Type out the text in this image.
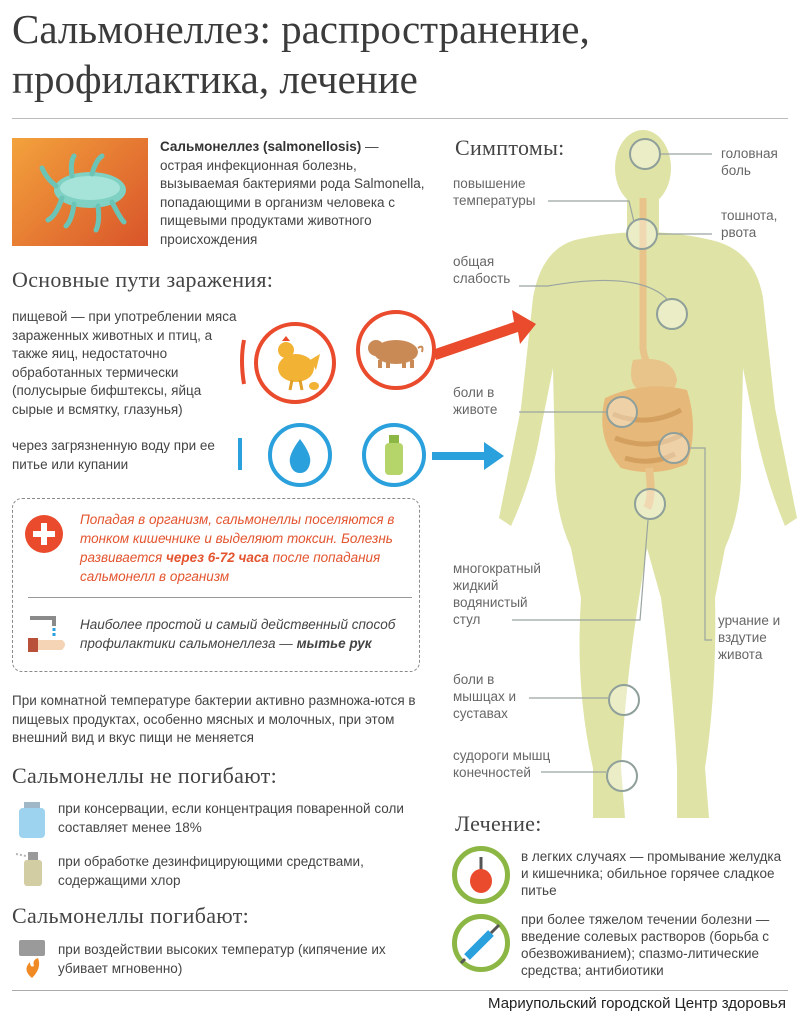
Сальмонеллез: распространение, профилактика, лечение
Симптомы:	головная боль
повышение температуры
тошнота, рвота
общая слабость
боли в животе
многократный жидкий водянистый стул	урчание и вздутие живота
боли в мышцах и суставах
судороги мышц конечностей
Сальмонеллез (salmonellosis) — острая инфекционная болезнь, вызываемая бактериями рода Salmonella, попадающими в организм человека с пищевыми продуктами животного происхождения
Основные пути заражения:
пищевой — при употреблении мяса зараженных животных и птиц, а также яиц, недостаточно обработанных термически (полусырые бифштексы, яйца сырые и всмятку, глазунья)
через загрязненную воду при ее питье или купании
Попадая в организм, сальмонеллы поселяются в тонком кишечнике и выделяют токсин. Болезнь развивается через 6-72 часа после попадания сальмонелл в организм
Наиболее простой и самый действенный способ профилактики сальмонеллеза — мытье рук
При комнатной температуре бактерии активно размножа-ются в пищевых продуктах, особенно мясных и молочных, при этом внешний вид и вкус пищи не меняется
Сальмонеллы не погибают:
при консервации, если концентрация поваренной соли составляет менее 18%
при обработке дезинфицирующими средствами, содержащими хлор
Сальмонеллы погибают:
при воздействии высоких температур (кипячение их убивает мгновенно)
Лечение:
в легких случаях — промывание желудка и кишечника; обильное горячее сладкое питье
при более тяжелом течении болезни — введение солевых растворов (борьба с обезвоживанием); спазмо-литические средства; антибиотики
Мариупольский городской Центр здоровья
